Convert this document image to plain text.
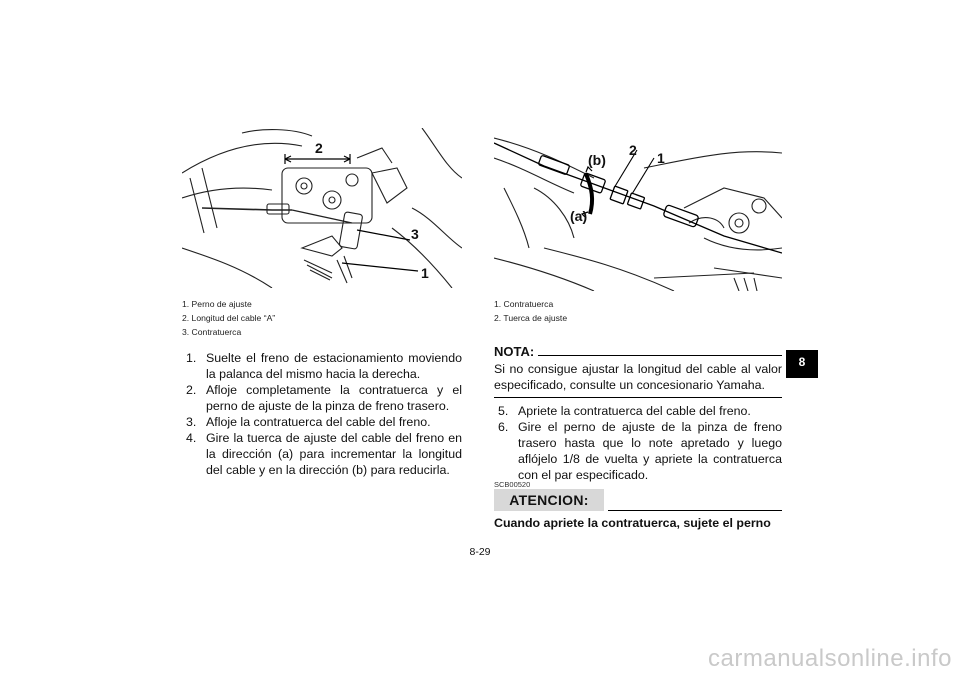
2
3
1
1. Perno de ajuste
2. Longitud del cable “A”
3. Contratuerca

1. Suelte el freno de estacionamiento moviendo la palanca del mismo hacia la derecha.

2. Afloje completamente la contratuerca y el perno de ajuste de la pinza de freno trasero.

3. Afloje la contratuerca del cable del freno.

4. Gire la tuerca de ajuste del cable del freno en la dirección (a) para incrementar la longitud del cable y en la dirección (b) para reducirla.

(b)
2 1
(a)
1. Contratuerca
2. Tuerca de ajuste
NOTA:
Si no consigue ajustar la longitud del cable al valor especificado, consulte un concesionario Yamaha.

5. Apriete la contratuerca del cable del freno.

6. Gire el perno de ajuste de la pinza de freno trasero hasta que lo note apretado y luego aflójelo 1/8 de vuelta y apriete la contratuerca con el par especificado.

SCB00520
ATENCION:
Cuando apriete la contratuerca, sujete el perno
8
8-29
carmanualsonline.info
